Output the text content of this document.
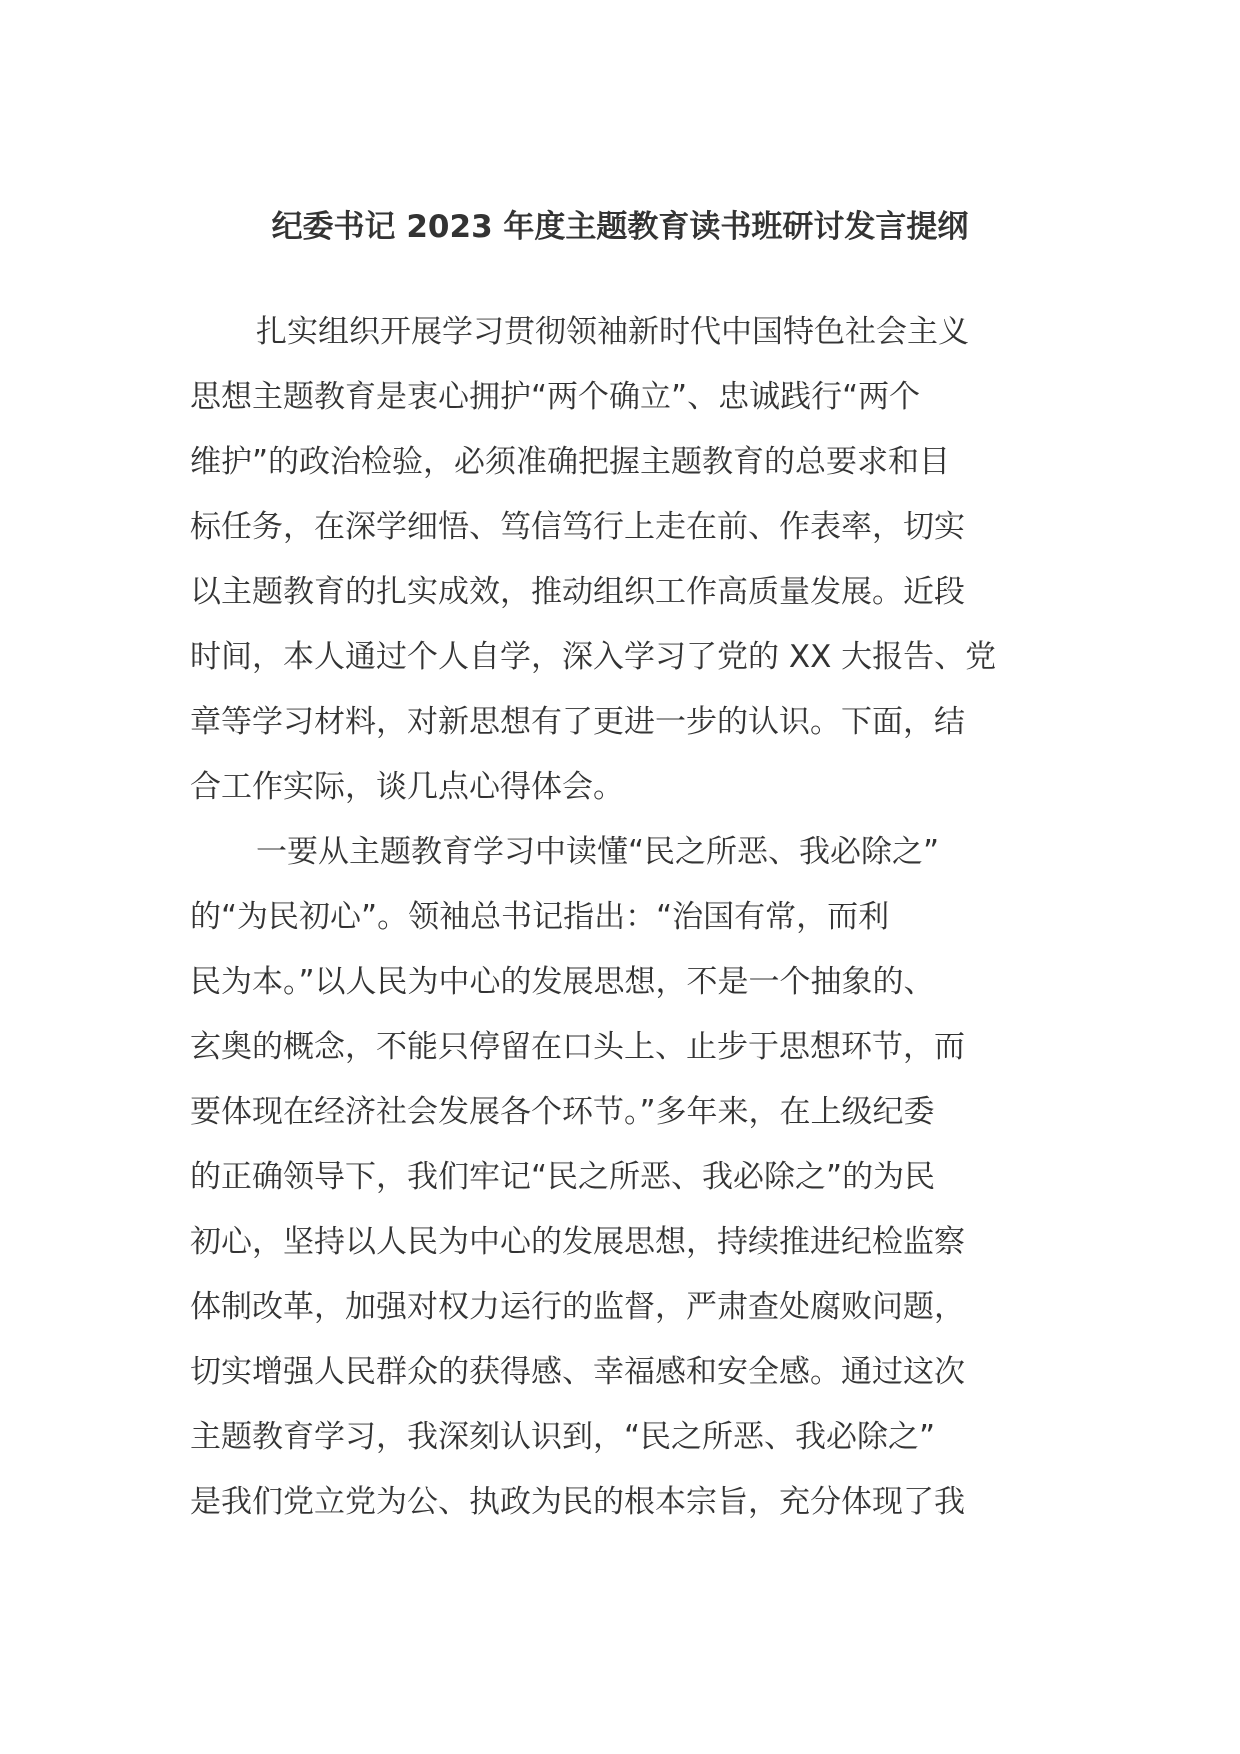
纪委书记 2023 年度主题教育读书班研讨发言提纲
扎实组织开展学习贯彻领袖新时代中国特色社会主义
思想主题教育是衷心拥护“两个确立”、忠诚践行“两个
维护”的政治检验，必须准确把握主题教育的总要求和目
标任务，在深学细悟、笃信笃行上走在前、作表率，切实
以主题教育的扎实成效，推动组织工作高质量发展。近段
时间，本人通过个人自学，深入学习了党的 XX 大报告、党
章等学习材料，对新思想有了更进一步的认识。下面，结
合工作实际，谈几点心得体会。
一要从主题教育学习中读懂“民之所恶、我必除之”
的“为民初心”。领袖总书记指出：“治国有常，而利
民为本。”以人民为中心的发展思想，不是一个抽象的、
玄奥的概念，不能只停留在口头上、止步于思想环节，而
要体现在经济社会发展各个环节。”多年来，在上级纪委
的正确领导下，我们牢记“民之所恶、我必除之”的为民
初心，坚持以人民为中心的发展思想，持续推进纪检监察
体制改革，加强对权力运行的监督，严肃查处腐败问题，
切实增强人民群众的获得感、幸福感和安全感。通过这次
主题教育学习，我深刻认识到，“民之所恶、我必除之”
是我们党立党为公、执政为民的根本宗旨，充分体现了我
